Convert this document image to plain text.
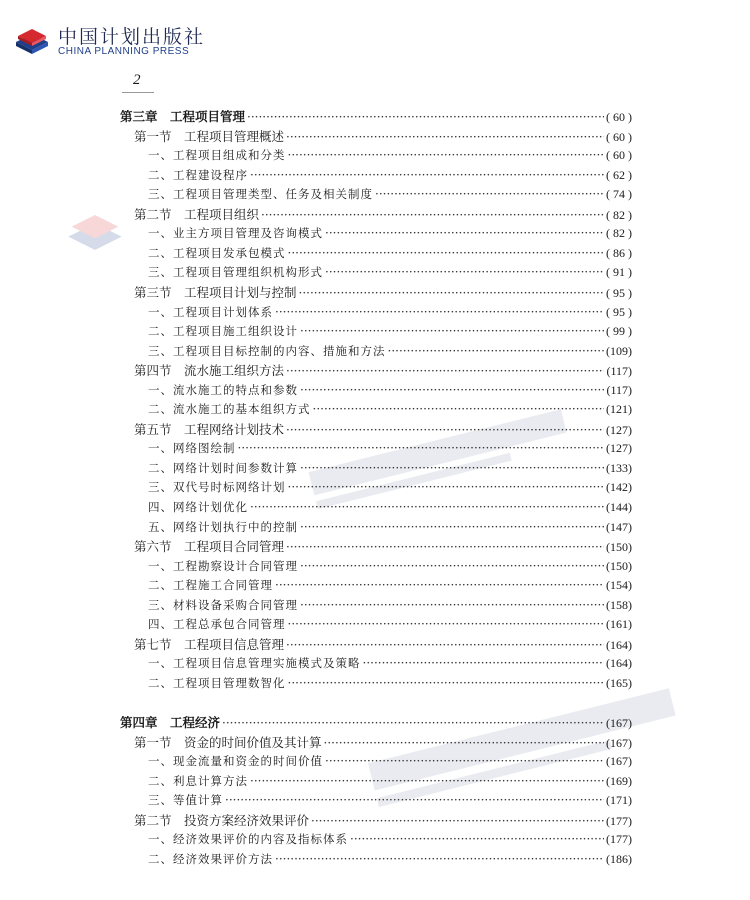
中国计划出版社
CHINA PLANNING PRESS
2
第三章　工程项目管理 ·····	( 60 )
第一节　工程项目管理概述 ·····	( 60 )
一、工程项目组成和分类 ·····	( 60 )
二、工程建设程序 ·····	( 62 )
三、工程项目管理类型、任务及相关制度 ·····	( 74 )
第二节　工程项目组织 ·····	( 82 )
一、业主方项目管理及咨询模式 ·····	( 82 )
二、工程项目发承包模式 ·····	( 86 )
三、工程项目管理组织机构形式 ·····	( 91 )
第三节　工程项目计划与控制 ·····	( 95 )
一、工程项目计划体系 ·····	( 95 )
二、工程项目施工组织设计 ·····	( 99 )
三、工程项目目标控制的内容、措施和方法 ·····	(109)
第四节　流水施工组织方法 ·····	(117)
一、流水施工的特点和参数 ·····	(117)
二、流水施工的基本组织方式 ·····	(121)
第五节　工程网络计划技术 ·····	(127)
一、网络图绘制 ·····	(127)
二、网络计划时间参数计算 ·····	(133)
三、双代号时标网络计划 ·····	(142)
四、网络计划优化 ·····	(144)
五、网络计划执行中的控制 ·····	(147)
第六节　工程项目合同管理 ·····	(150)
一、工程勘察设计合同管理 ·····	(150)
二、工程施工合同管理 ·····	(154)
三、材料设备采购合同管理 ·····	(158)
四、工程总承包合同管理 ·····	(161)
第七节　工程项目信息管理 ·····	(164)
一、工程项目信息管理实施模式及策略 ·····	(164)
二、工程项目管理数智化 ·····	(165)
第四章　工程经济 ·····	(167)
第一节　资金的时间价值及其计算 ·····	(167)
一、现金流量和资金的时间价值 ·····	(167)
二、利息计算方法 ·····	(169)
三、等值计算 ·····	(171)
第二节　投资方案经济效果评价 ·····	(177)
一、经济效果评价的内容及指标体系 ·····	(177)
二、经济效果评价方法 ·····	(186)
